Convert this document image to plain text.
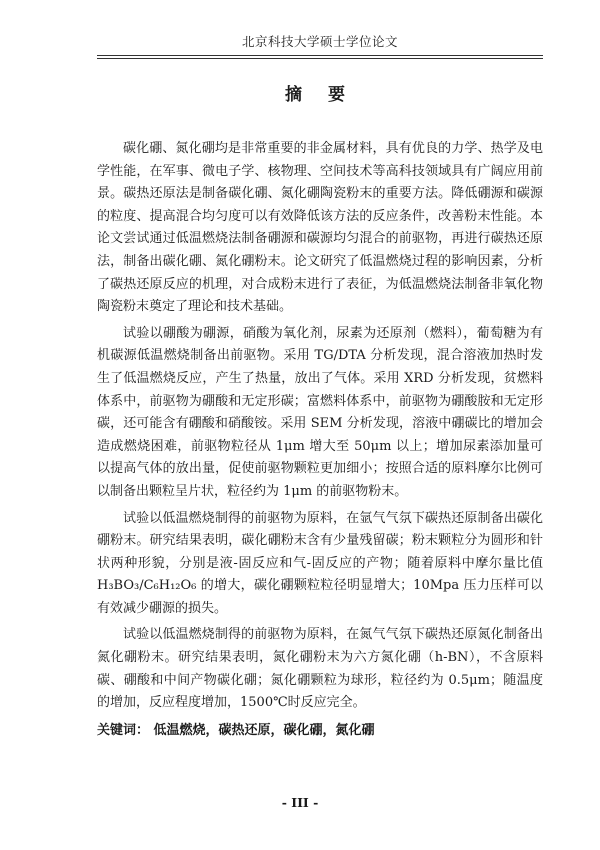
北京科技大学硕士学位论文
摘 要

碳化硼、氮化硼均是非常重要的非金属材料，具有优良的力学、热学及电学性能，在军事、微电子学、核物理、空间技术等高科技领域具有广阔应用前景。碳热还原法是制备碳化硼、氮化硼陶瓷粉末的重要方法。降低硼源和碳源的粒度、提高混合均匀度可以有效降低该方法的反应条件，改善粉末性能。本论文尝试通过低温燃烧法制备硼源和碳源均匀混合的前驱物，再进行碳热还原法，制备出碳化硼、氮化硼粉末。论文研究了低温燃烧过程的影响因素，分析了碳热还原反应的机理，对合成粉末进行了表征，为低温燃烧法制备非氧化物陶瓷粉末奠定了理论和技术基础。

试验以硼酸为硼源，硝酸为氧化剂，尿素为还原剂（燃料），葡萄糖为有机碳源低温燃烧制备出前驱物。采用 TG/DTA 分析发现，混合溶液加热时发生了低温燃烧反应，产生了热量，放出了气体。采用 XRD 分析发现，贫燃料体系中，前驱物为硼酸和无定形碳；富燃料体系中，前驱物为硼酸胺和无定形碳，还可能含有硼酸和硝酸铵。采用 SEM 分析发现，溶液中硼碳比的增加会造成燃烧困难，前驱物粒径从 1μm 增大至 50μm 以上；增加尿素添加量可以提高气体的放出量，促使前驱物颗粒更加细小；按照合适的原料摩尔比例可以制备出颗粒呈片状，粒径约为 1μm 的前驱物粉末。

试验以低温燃烧制得的前驱物为原料，在氩气气氛下碳热还原制备出碳化硼粉末。研究结果表明，碳化硼粉末含有少量残留碳；粉末颗粒分为圆形和针状两种形貌，分别是液-固反应和气-固反应的产物；随着原料中摩尔量比值 H₃BO₃/C₆H₁₂O₆ 的增大，碳化硼颗粒粒径明显增大；10Mpa 压力压样可以有效减少硼源的损失。

试验以低温燃烧制得的前驱物为原料，在氮气气氛下碳热还原氮化制备出氮化硼粉末。研究结果表明，氮化硼粉末为六方氮化硼（h-BN），不含原料碳、硼酸和中间产物碳化硼；氮化硼颗粒为球形，粒径约为 0.5μm；随温度的增加，反应程度增加，1500℃时反应完全。

关键词： 低温燃烧，碳热还原，碳化硼，氮化硼
- III -
